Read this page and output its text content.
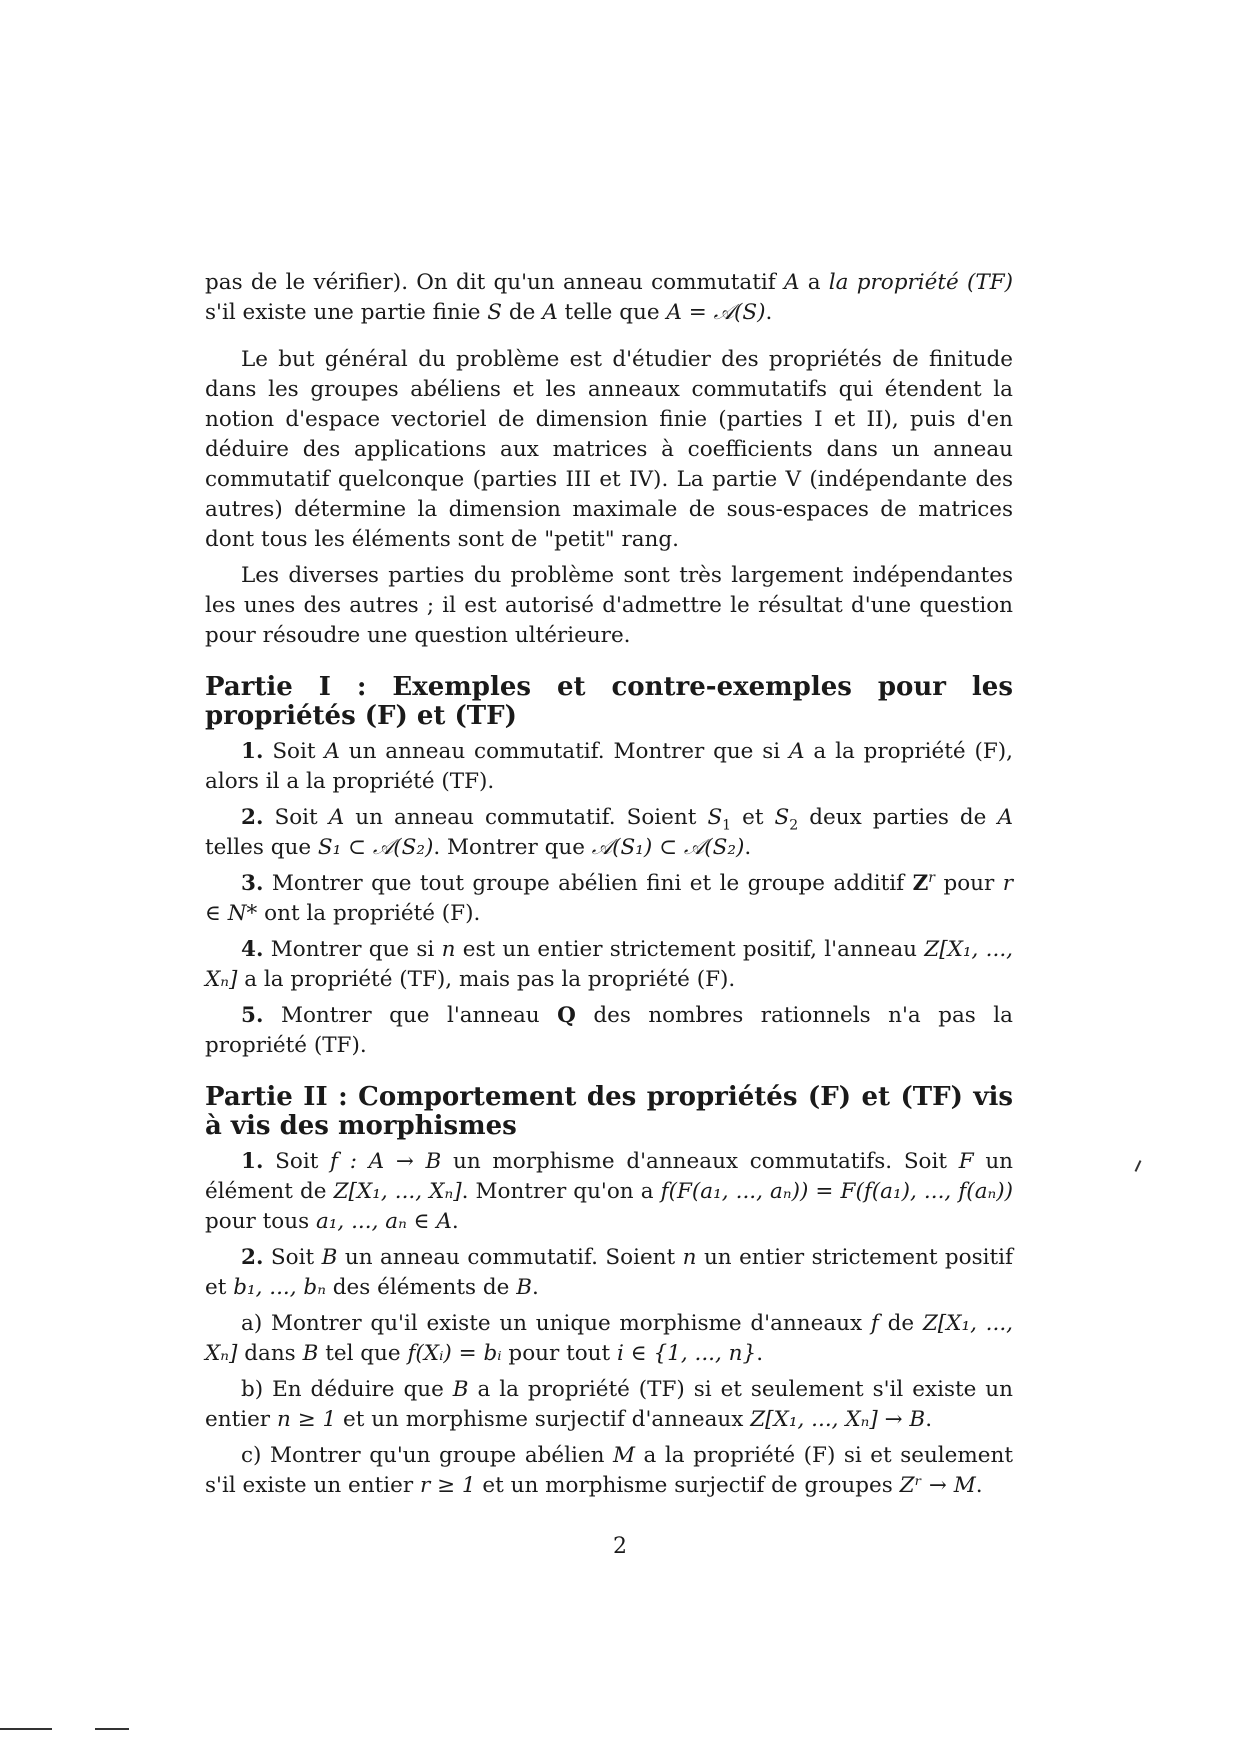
pas de le vérifier). On dit qu'un anneau commutatif A a la propriété (TF) s'il existe une partie finie S de A telle que A = 𝒜(S).

Le but général du problème est d'étudier des propriétés de finitude dans les groupes abéliens et les anneaux commutatifs qui étendent la notion d'espace vectoriel de dimension finie (parties I et II), puis d'en déduire des applications aux matrices à coefficients dans un anneau commutatif quelconque (parties III et IV). La partie V (indépendante des autres) détermine la dimension maximale de sous-espaces de matrices dont tous les éléments sont de "petit" rang.

Les diverses parties du problème sont très largement indépendantes les unes des autres ; il est autorisé d'admettre le résultat d'une question pour résoudre une question ultérieure.

Partie I : Exemples et contre-exemples pour les propriétés (F) et (TF)

1. Soit A un anneau commutatif. Montrer que si A a la propriété (F), alors il a la propriété (TF).

2. Soit A un anneau commutatif. Soient $S_1$ et $S_2$ deux parties de A telles que S₁ ⊂ 𝒜(S₂). Montrer que 𝒜(S₁) ⊂ 𝒜(S₂).

3. Montrer que tout groupe abélien fini et le groupe additif $Z^r$ pour r ∈ N* ont la propriété (F).

4. Montrer que si n est un entier strictement positif, l'anneau Z[X₁, ..., Xₙ] a la propriété (TF), mais pas la propriété (F).

5. Montrer que l'anneau Q des nombres rationnels n'a pas la propriété (TF).

Partie II : Comportement des propriétés (F) et (TF) vis à vis des morphismes

1. Soit f : A → B un morphisme d'anneaux commutatifs. Soit F un élément de Z[X₁, ..., Xₙ]. Montrer qu'on a f(F(a₁, ..., aₙ)) = F(f(a₁), ..., f(aₙ)) pour tous a₁, ..., aₙ ∈ A.

2. Soit B un anneau commutatif. Soient n un entier strictement positif et b₁, ..., bₙ des éléments de B.

a) Montrer qu'il existe un unique morphisme d'anneaux f de Z[X₁, ..., Xₙ] dans B tel que f(Xᵢ) = bᵢ pour tout i ∈ {1, ..., n}.

b) En déduire que B a la propriété (TF) si et seulement s'il existe un entier n ≥ 1 et un morphisme surjectif d'anneaux Z[X₁, ..., Xₙ] → B.

c) Montrer qu'un groupe abélien M a la propriété (F) si et seulement s'il existe un entier r ≥ 1 et un morphisme surjectif de groupes Zʳ → M.

2
